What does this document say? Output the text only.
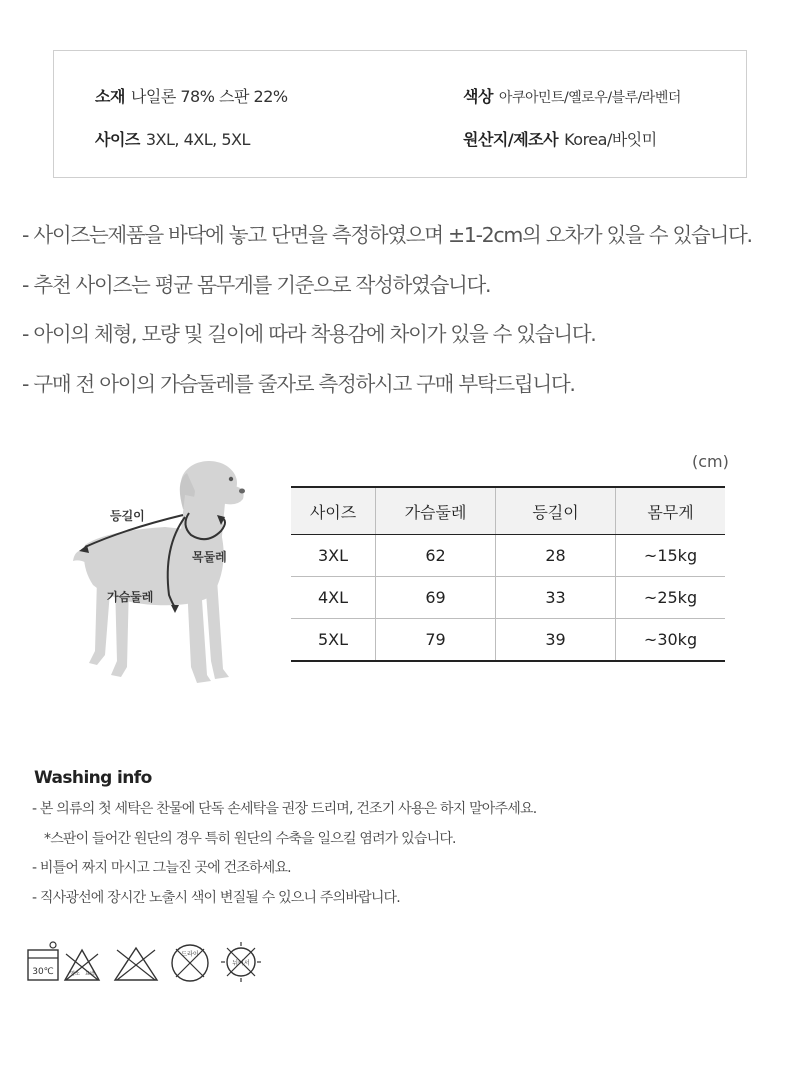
소재 나일론 78% 스판 22%	색상 아쿠아민트/옐로우/블루/라벤더
사이즈 3XL, 4XL, 5XL	원산지/제조사 Korea/바잇미
- 사이즈는제품을 바닥에 놓고 단면을 측정하였으며 ±1-2cm의 오차가 있을 수 있습니다.
- 추천 사이즈는 평균 몸무게를 기준으로 작성하였습니다.
- 아이의 체형, 모량 및 길이에 따라 착용감에 차이가 있을 수 있습니다.
- 구매 전 아이의 가슴둘레를 줄자로 측정하시고 구매 부탁드립니다.
등길이
목둘레
가슴둘레
(cm)
사이즈	가슴둘레	등길이	몸무게
3XL	62	28	~15kg
4XL	69	33	~25kg
5XL	79	39	~30kg
Washing info
- 본 의류의 첫 세탁은 찬물에 단독 손세탁을 권장 드리며, 건조기 사용은 하지 말아주세요.
*스판이 들어간 원단의 경우 특히 원단의 수축을 일으킬 염려가 있습니다.
- 비틀어 짜지 마시고 그늘진 곳에 건조하세요.
- 직사광선에 장시간 노출시 색이 변질될 수 있으니 주의바랍니다.
30℃	염소 표백
드라이
뉘어서
